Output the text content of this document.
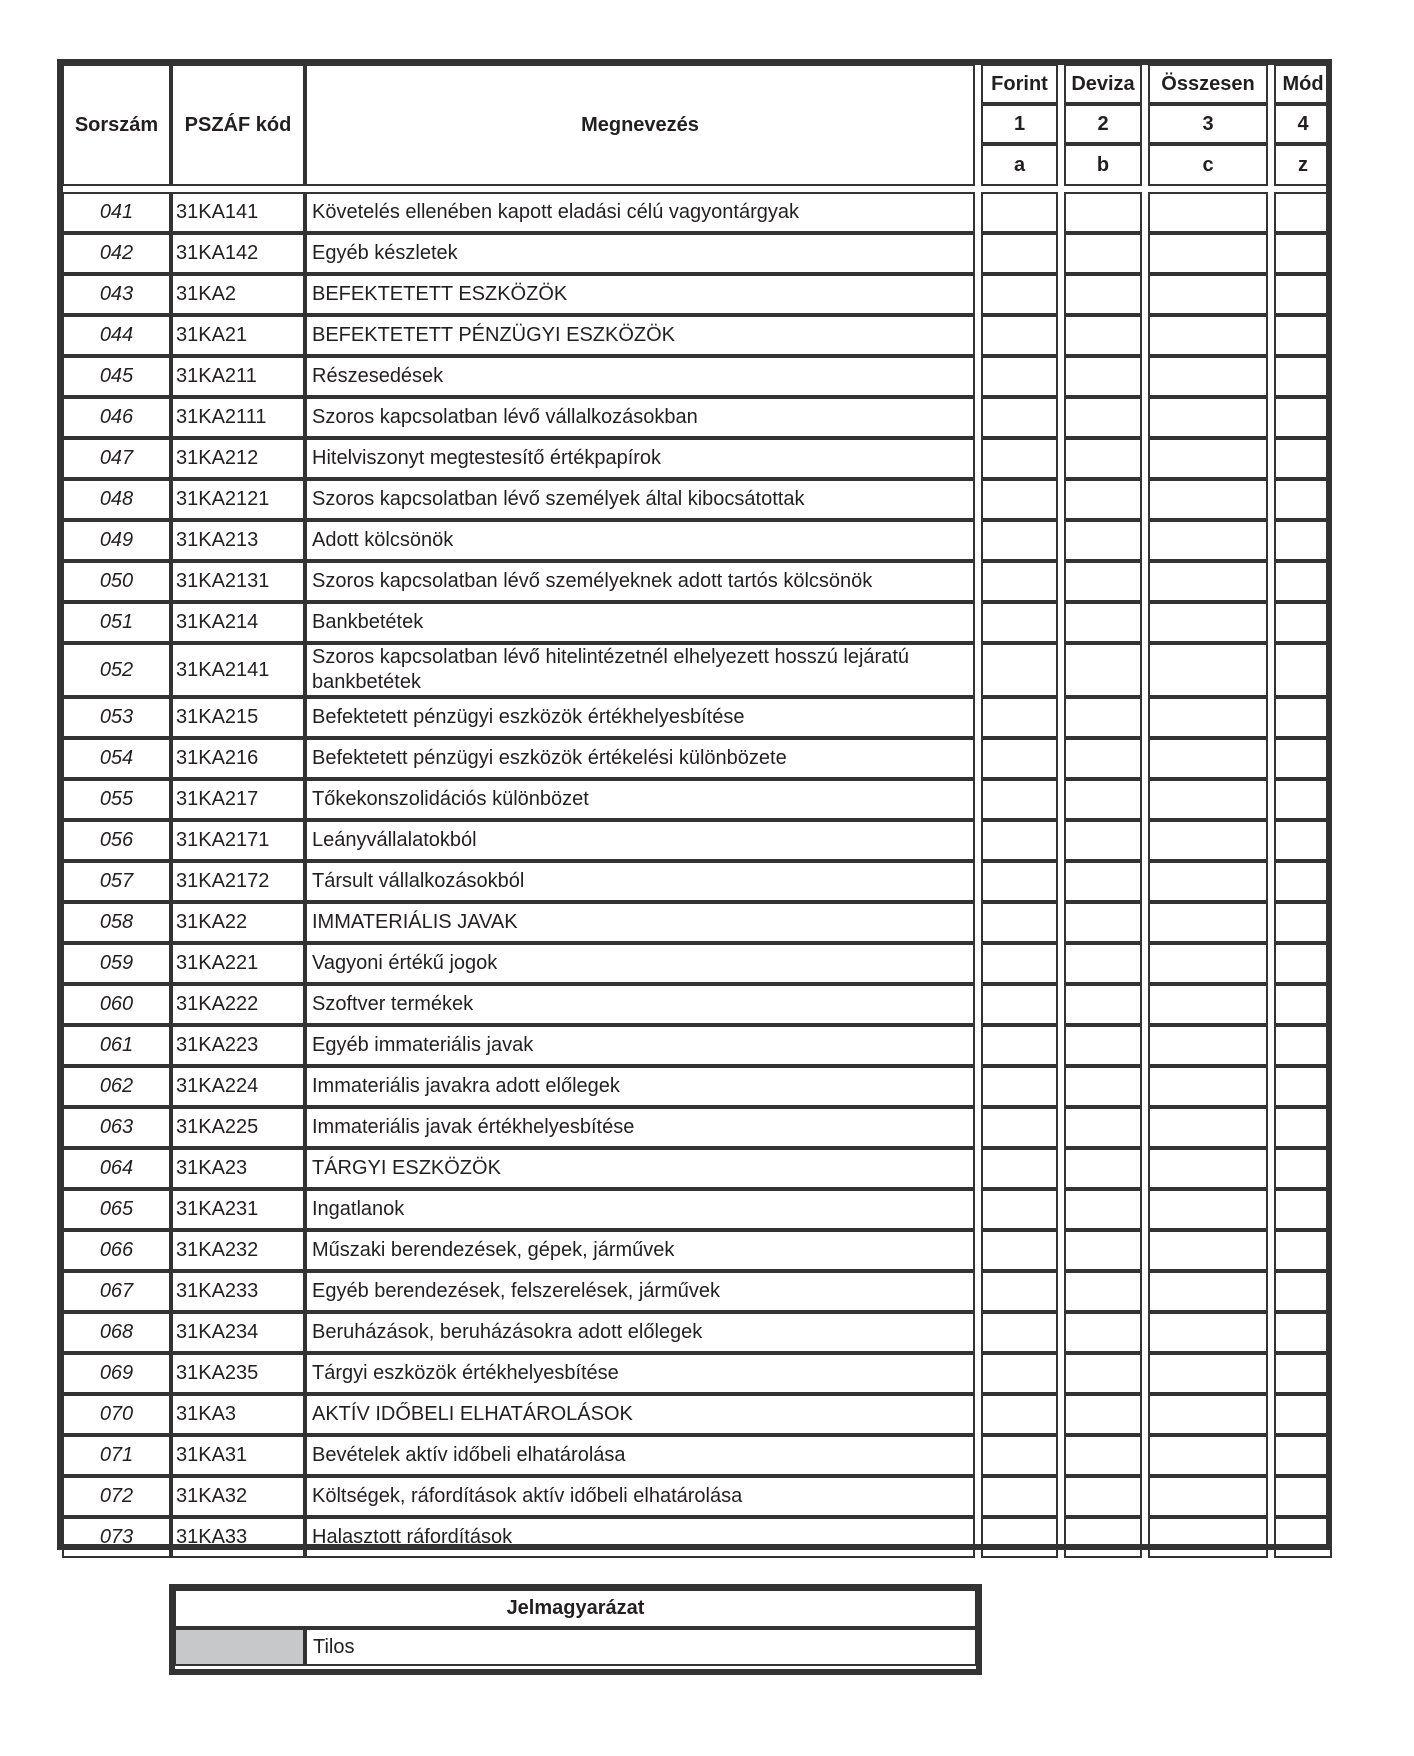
Sorszám	PSZÁF kód	Megnevezés		Forint		Deviza		Összesen		Mód
				1		2		3		4
				a		b		c		z

041	31KA141	Követelés ellenében kapott eladási célú vagyontárgyak								
042	31KA142	Egyéb készletek								
043	31KA2	BEFEKTETETT ESZKÖZÖK								
044	31KA21	BEFEKTETETT PÉNZÜGYI ESZKÖZÖK								
045	31KA211	Részesedések								
046	31KA2111	Szoros kapcsolatban lévő vállalkozásokban								
047	31KA212	Hitelviszonyt megtestesítő értékpapírok								
048	31KA2121	Szoros kapcsolatban lévő személyek által kibocsátottak								
049	31KA213	Adott kölcsönök								
050	31KA2131	Szoros kapcsolatban lévő személyeknek adott tartós kölcsönök								
051	31KA214	Bankbetétek								
052	31KA2141	Szoros kapcsolatban lévő hitelintézetnél elhelyezett hosszú lejáratú bankbetétek								
053	31KA215	Befektetett pénzügyi eszközök értékhelyesbítése								
054	31KA216	Befektetett pénzügyi eszközök értékelési különbözete								
055	31KA217	Tőkekonszolidációs különbözet								
056	31KA2171	Leányvállalatokból								
057	31KA2172	Társult vállalkozásokból								
058	31KA22	IMMATERIÁLIS JAVAK								
059	31KA221	Vagyoni értékű jogok								
060	31KA222	Szoftver termékek								
061	31KA223	Egyéb immateriális javak								
062	31KA224	Immateriális javakra adott előlegek								
063	31KA225	Immateriális javak értékhelyesbítése								
064	31KA23	TÁRGYI ESZKÖZÖK								
065	31KA231	Ingatlanok								
066	31KA232	Műszaki berendezések, gépek, járművek								
067	31KA233	Egyéb berendezések, felszerelések, járművek								
068	31KA234	Beruházások, beruházásokra adott előlegek								
069	31KA235	Tárgyi eszközök értékhelyesbítése								
070	31KA3	AKTÍV IDŐBELI ELHATÁROLÁSOK								
071	31KA31	Bevételek aktív időbeli elhatárolása								
072	31KA32	Költségek, ráfordítások aktív időbeli elhatárolása								
073	31KA33	Halasztott ráfordítások								
Jelmagyarázat
	Tilos
